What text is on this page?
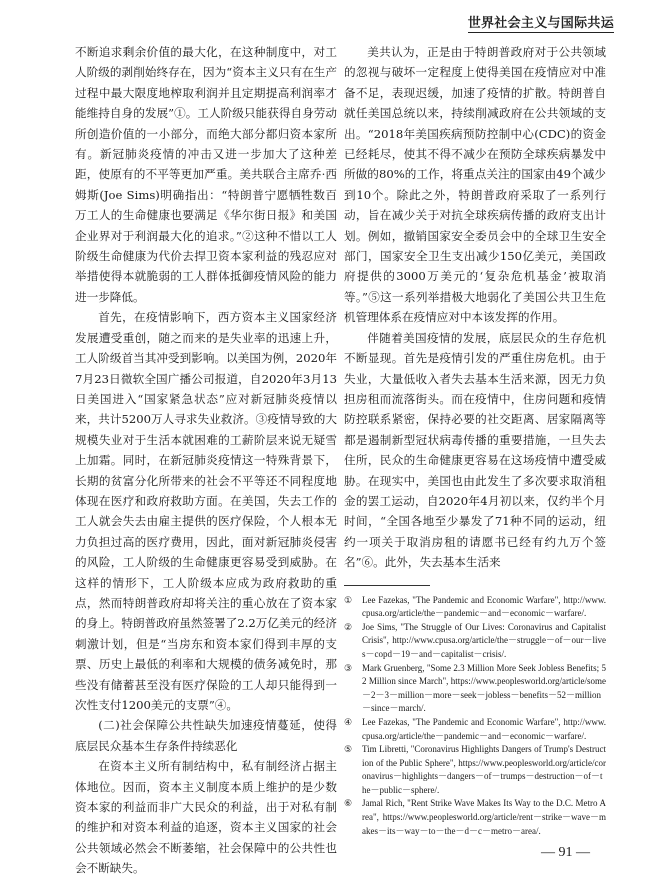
世界社会主义与国际共运

不断追求剩余价值的最大化，在这种制度中，对工人阶级的剥削始终存在，因为“资本主义只有在生产过程中最大限度地榨取利润并且定期提高利润率才能维持自身的发展”①。工人阶级只能获得自身劳动所创造价值的一小部分，而绝大部分都归资本家所有。新冠肺炎疫情的冲击又进一步加大了这种差距，使原有的不平等更加严重。美共联合主席乔·西姆斯(Joe Sims)明确指出：“特朗普宁愿牺牲数百万工人的生命健康也要满足《华尔街日报》和美国企业界对于利润最大化的追求。”②这种不惜以工人阶级生命健康为代价去捍卫资本家利益的残忍应对举措使得本就脆弱的工人群体抵御疫情风险的能力进一步降低。

首先，在疫情影响下，西方资本主义国家经济发展遭受重创，随之而来的是失业率的迅速上升，工人阶级首当其冲受到影响。以美国为例，2020年7月23日微软全国广播公司报道，自2020年3月13日美国进入“国家紧急状态”应对新冠肺炎疫情以来，共计5200万人寻求失业救济。③疫情导致的大规模失业对于生活本就困难的工薪阶层来说无疑雪上加霜。同时，在新冠肺炎疫情这一特殊背景下，长期的贫富分化所带来的社会不平等还不同程度地体现在医疗和政府救助方面。在美国，失去工作的工人就会失去由雇主提供的医疗保险，个人根本无力负担过高的医疗费用，因此，面对新冠肺炎侵害的风险，工人阶级的生命健康更容易受到威胁。在这样的情形下，工人阶级本应成为政府救助的重点，然而特朗普政府却将关注的重心放在了资本家的身上。特朗普政府虽然签署了2.2万亿美元的经济刺激计划，但是“当房东和资本家们得到丰厚的支票、历史上最低的利率和大规模的债务减免时，那些没有储蓄甚至没有医疗保险的工人却只能得到一次性支付1200美元的支票”④。

(二)社会保障公共性缺失加速疫情蔓延，使得底层民众基本生存条件持续恶化

在资本主义所有制结构中，私有制经济占据主体地位。因而，资本主义制度本质上维护的是少数资本家的利益而非广大民众的利益，出于对私有制的维护和对资本利益的追逐，资本主义国家的社会公共领域必然会不断萎缩，社会保障中的公共性也会不断缺失。

美共认为，正是由于特朗普政府对于公共领域的忽视与破坏一定程度上使得美国在疫情应对中准备不足，表现迟缓，加速了疫情的扩散。特朗普自就任美国总统以来，持续削减政府在公共领域的支出。“2018年美国疾病预防控制中心(CDC)的资金已经耗尽，使其不得不减少在预防全球疾病暴发中所做的80%的工作，将重点关注的国家由49个减少到10个。除此之外，特朗普政府采取了一系列行动，旨在减少关于对抗全球疾病传播的政府支出计划。例如，撤销国家安全委员会中的全球卫生安全部门，国家安全卫生支出减少150亿美元，美国政府提供的3000万美元的‘复杂危机基金’被取消等。”⑤这一系列举措极大地弱化了美国公共卫生危机管理体系在疫情应对中本该发挥的作用。

伴随着美国疫情的发展，底层民众的生存危机不断显现。首先是疫情引发的严重住房危机。由于失业，大量低收入者失去基本生活来源，因无力负担房租而流落街头。而在疫情中，住房问题和疫情防控联系紧密，保持必要的社交距离、居家隔离等都是遏制新型冠状病毒传播的重要措施，一旦失去住所，民众的生命健康更容易在这场疫情中遭受威胁。在现实中，美国也由此发生了多次要求取消租金的罢工运动，自2020年4月初以来，仅约半个月时间，“全国各地至少暴发了71种不同的运动，纽约一项关于取消房租的请愿书已经有约九万个签名”⑥。此外，失去基本生活来

① Lee Fazekas, "The Pandemic and Economic Warfare", http://www.cpusa.org/article/the－pandemic－and－economic－warfare/.
② Joe Sims, "The Struggle of Our Lives: Coronavirus and Capitalist Crisis", http://www.cpusa.org/article/the－struggle－of－our－lives－copd－19－and－capitalist－crisis/.
③ Mark Gruenberg, "Some 2.3 Million More Seek Jobless Benefits; 52 Million since March", https://www.peoplesworld.org/article/some－2－3－million－more－seek－jobless－benefits－52－million－since－march/.
④ Lee Fazekas, "The Pandemic and Economic Warfare", http://www.cpusa.org/article/the－pandemic－and－economic－warfare/.
⑤ Tim Libretti, "Coronavirus Highlights Dangers of Trump's Destruction of the Public Sphere", https://www.peoplesworld.org/article/coronavirus－highlights－dangers－of－trumps－destruction－of－the－public－sphere/.
⑥ Jamal Rich, "Rent Strike Wave Makes Its Way to the D.C. Metro Area", https://www.peoplesworld.org/article/rent－strike－wave－makes－its－way－to－the－d－c－metro－area/.
— 91 —
